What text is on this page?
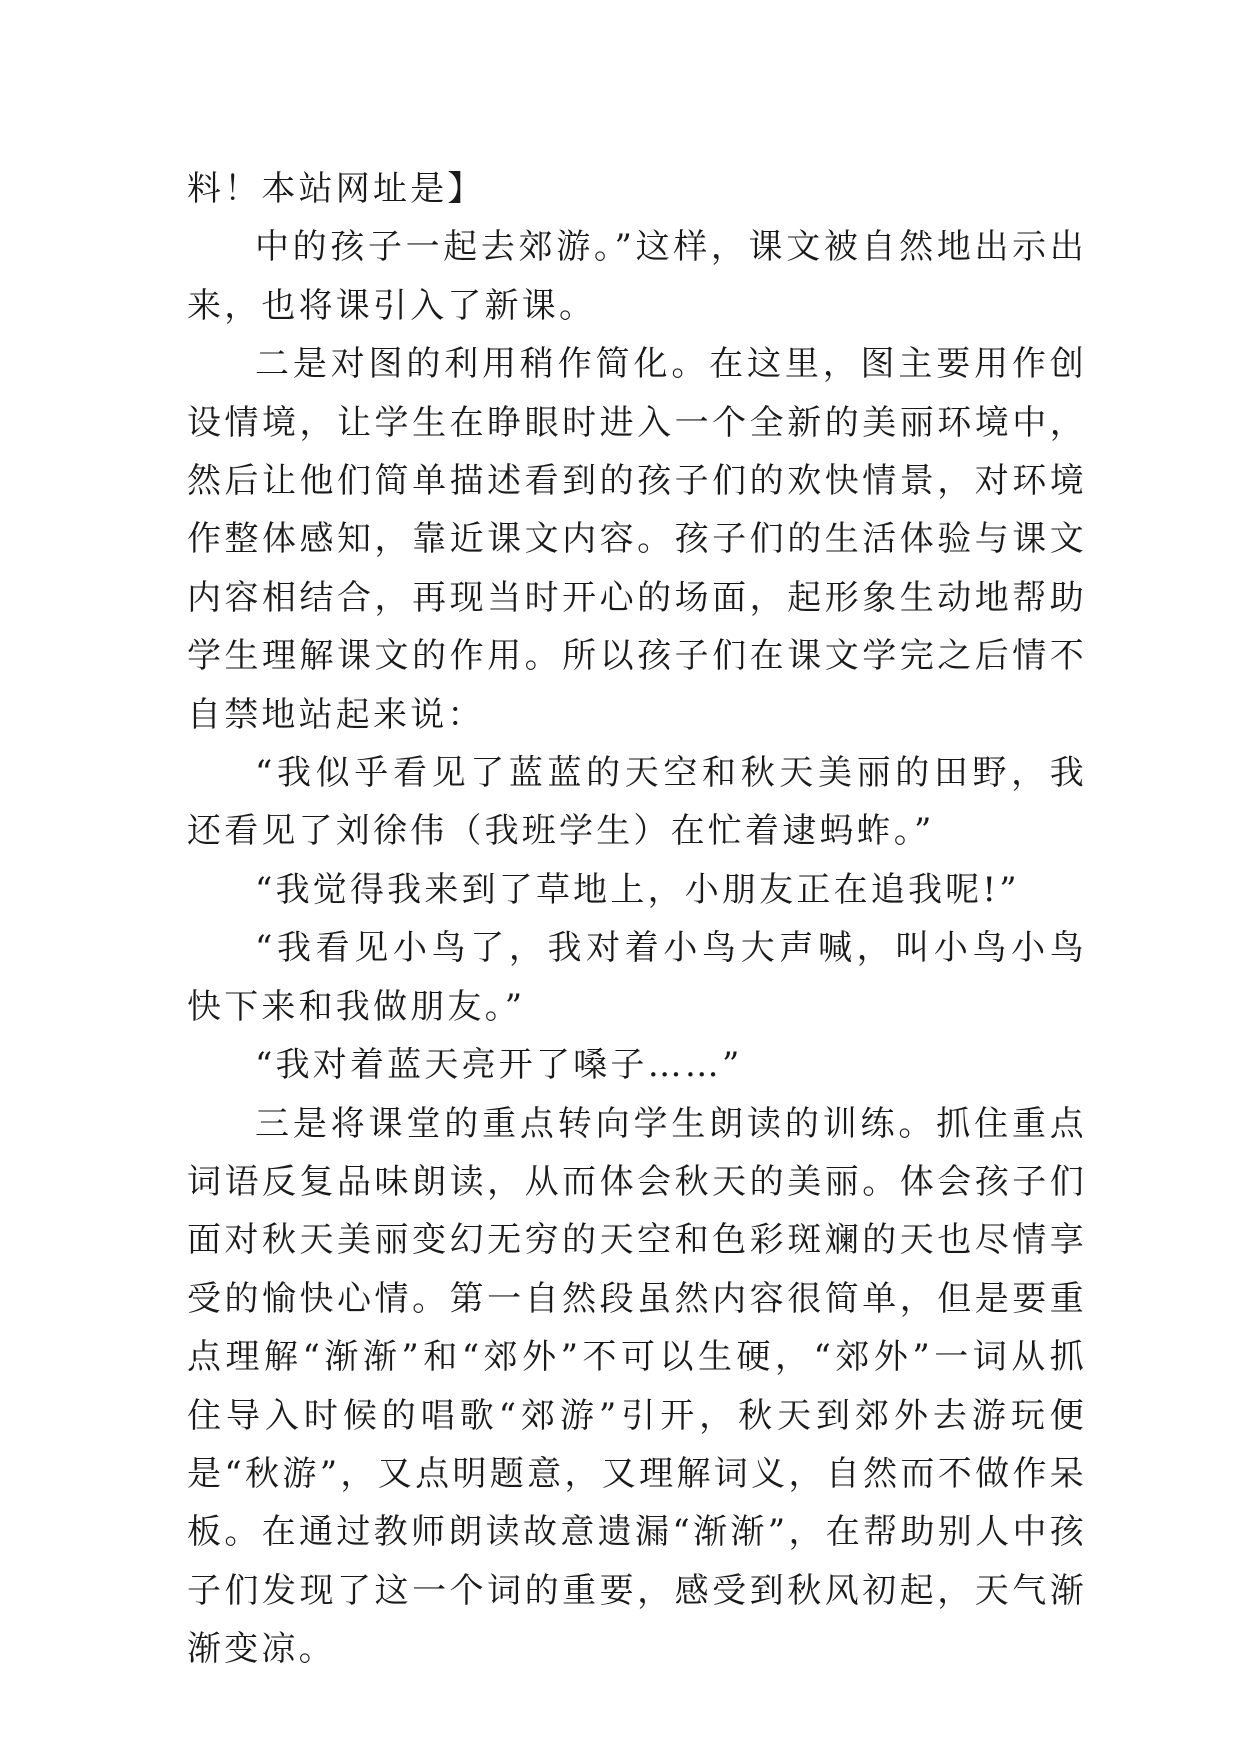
料！本站网址是】

中的孩子一起去郊游。”这样，课文被自然地出示出来，也将课引入了新课。

二是对图的利用稍作简化。在这里，图主要用作创设情境，让学生在睁眼时进入一个全新的美丽环境中，然后让他们简单描述看到的孩子们的欢快情景，对环境作整体感知，靠近课文内容。孩子们的生活体验与课文内容相结合，再现当时开心的场面，起形象生动地帮助学生理解课文的作用。所以孩子们在课文学完之后情不自禁地站起来说：

“我似乎看见了蓝蓝的天空和秋天美丽的田野，我还看见了刘徐伟（我班学生）在忙着逮蚂蚱。”

“我觉得我来到了草地上，小朋友正在追我呢!”

“我看见小鸟了，我对着小鸟大声喊，叫小鸟小鸟快下来和我做朋友。”

“我对着蓝天亮开了嗓子……”

三是将课堂的重点转向学生朗读的训练。抓住重点词语反复品味朗读，从而体会秋天的美丽。体会孩子们面对秋天美丽变幻无穷的天空和色彩斑斓的天也尽情享受的愉快心情。第一自然段虽然内容很简单，但是要重点理解“渐渐”和“郊外”不可以生硬，“郊外”一词从抓住导入时候的唱歌“郊游”引开，秋天到郊外去游玩便是“秋游”，又点明题意，又理解词义，自然而不做作呆板。在通过教师朗读故意遗漏“渐渐”，在帮助别人中孩子们发现了这一个词的重要，感受到秋风初起，天气渐渐变凉。
